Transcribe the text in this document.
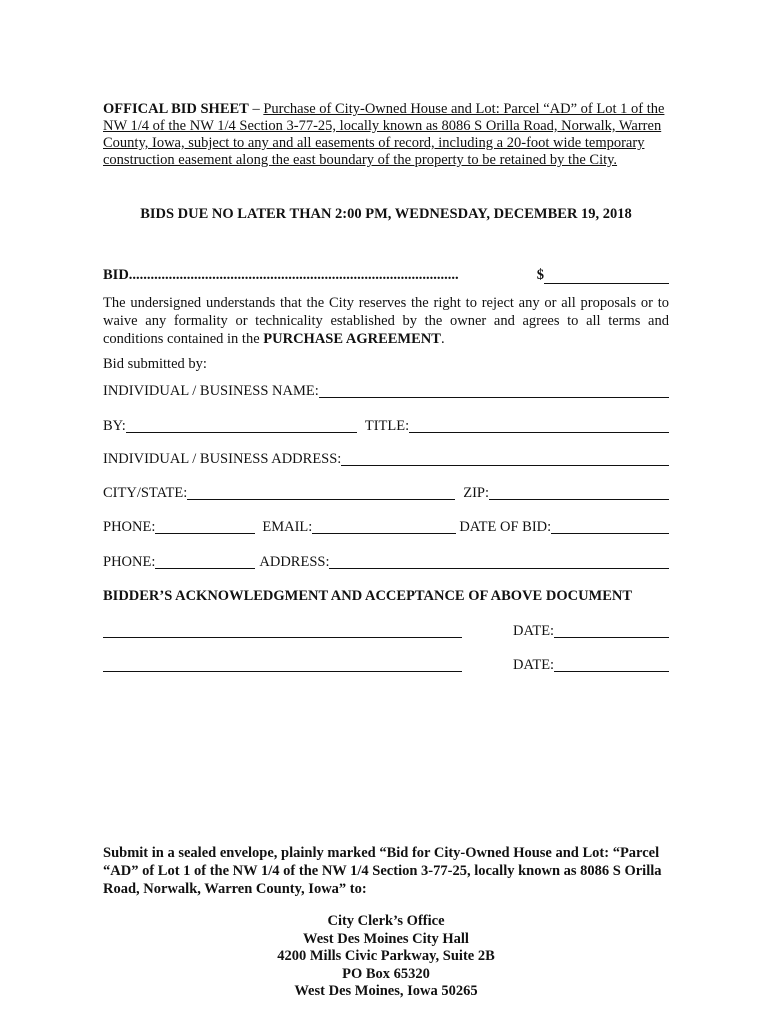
OFFICAL BID SHEET – Purchase of City-Owned House and Lot: Parcel “AD” of Lot 1 of the NW 1/4 of the NW 1/4 Section 3-77-25, locally known as 8086 S Orilla Road, Norwalk, Warren County, Iowa, subject to any and all easements of record, including a 20-foot wide temporary construction easement along the east boundary of the property to be retained by the City.
BIDS DUE NO LATER THAN 2:00 PM, WEDNESDAY, DECEMBER 19, 2018
BID ...........................................................................................	$
The undersigned understands that the City reserves the right to reject any or all proposals or to waive any formality or technicality established by the owner and agrees to all terms and conditions contained in the PURCHASE AGREEMENT.
Bid submitted by:
INDIVIDUAL / BUSINESS NAME:
BY:	TITLE:
INDIVIDUAL / BUSINESS ADDRESS:
CITY/STATE:	ZIP:
PHONE:	EMAIL:	DATE OF BID:
PHONE:	ADDRESS:
BIDDER’S ACKNOWLEDGMENT AND ACCEPTANCE OF ABOVE DOCUMENT
DATE:
DATE:
Submit in a sealed envelope, plainly marked “Bid for City-Owned House and Lot: “Parcel “AD” of Lot 1 of the NW 1/4 of the NW 1/4 Section 3-77-25, locally known as 8086 S Orilla Road, Norwalk, Warren County, Iowa” to:
City Clerk’s Office
West Des Moines City Hall
4200 Mills Civic Parkway, Suite 2B
PO Box 65320
West Des Moines, Iowa 50265
